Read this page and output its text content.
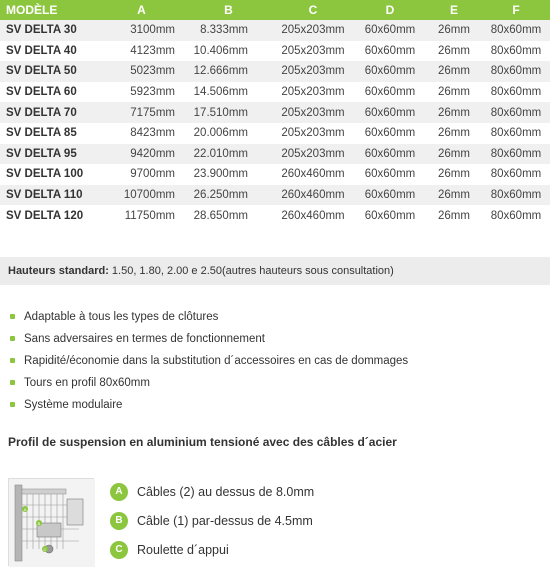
MODÈLE	A	B	C	D	E	F
SV DELTA 30	3100mm	8.333mm	205x203mm	60x60mm	26mm	80x60mm
SV DELTA 40	4123mm	10.406mm	205x203mm	60x60mm	26mm	80x60mm
SV DELTA 50	5023mm	12.666mm	205x203mm	60x60mm	26mm	80x60mm
SV DELTA 60	5923mm	14.506mm	205x203mm	60x60mm	26mm	80x60mm
SV DELTA 70	7175mm	17.510mm	205x203mm	60x60mm	26mm	80x60mm
SV DELTA 85	8423mm	20.006mm	205x203mm	60x60mm	26mm	80x60mm
SV DELTA 95	9420mm	22.010mm	205x203mm	60x60mm	26mm	80x60mm
SV DELTA 100	9700mm	23.900mm	260x460mm	60x60mm	26mm	80x60mm
SV DELTA 110	10700mm	26.250mm	260x460mm	60x60mm	26mm	80x60mm
SV DELTA 120	11750mm	28.650mm	260x460mm	60x60mm	26mm	80x60mm
Hauteurs standard: 1.50, 1.80, 2.00 e 2.50(autres hauteurs sous consultation)
Adaptable à tous les types de clôtures
Sans adversaires en termes de fonctionnement
Rapidité/économie dans la substitution d´accessoires en cas de dommages
Tours en profil 80x60mm
Système modulaire
Profil de suspension en aluminium tensioné avec des câbles d´acier
A
B
C
A	Câbles (2) au dessus de 8.0mm
B	Câble (1) par-dessus de 4.5mm
C	Roulette d´appui
